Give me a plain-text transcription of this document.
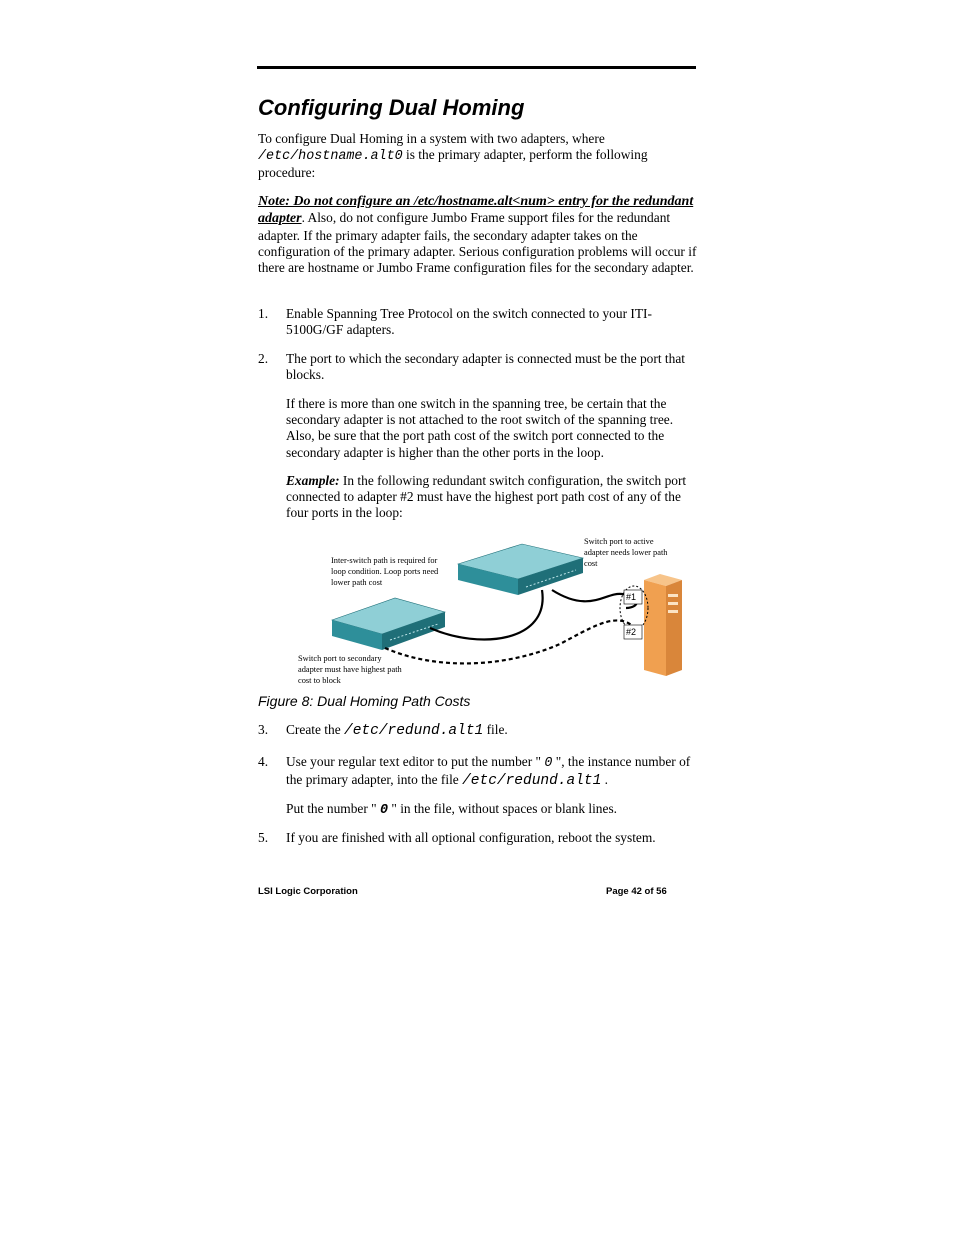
Configuring Dual Homing
To configure Dual Homing in a system with two adapters, where
/etc/hostname.alt0 is the primary adapter, perform the following procedure:
Note: Do not configure an /etc/hostname.alt<num> entry for the redundant adapter. Also, do not configure Jumbo Frame support files for the redundant adapter. If the primary adapter fails, the secondary adapter takes on the configuration of the primary adapter. Serious configuration problems will occur if there are hostname or Jumbo Frame configuration files for the secondary adapter.
1. Enable Spanning Tree Protocol on the switch connected to your ITI-5100G/GF adapters.
2. The port to which the secondary adapter is connected must be the port that blocks.
If there is more than one switch in the spanning tree, be certain that the secondary adapter is not attached to the root switch of the spanning tree. Also, be sure that the port path cost of the switch port connected to the secondary adapter is higher than the other ports in the loop.
Example: In the following redundant switch configuration, the switch port connected to adapter #2 must have the highest port path cost of any of the four ports in the loop:
#1
#2
Inter-switch path is required for loop condition. Loop ports need lower path cost
Switch port to active adapter needs lower path cost
Switch port to secondary adapter must have highest path cost to block
Figure 8: Dual Homing Path Costs
3. Create the /etc/redund.alt1 file.
4. Use your regular text editor to put the number " 0 ", the instance number of the primary adapter, into the file /etc/redund.alt1 .
Put the number " 0 " in the file, without spaces or blank lines.
5. If you are finished with all optional configuration, reboot the system.
LSI Logic Corporation	Page 42 of 56
